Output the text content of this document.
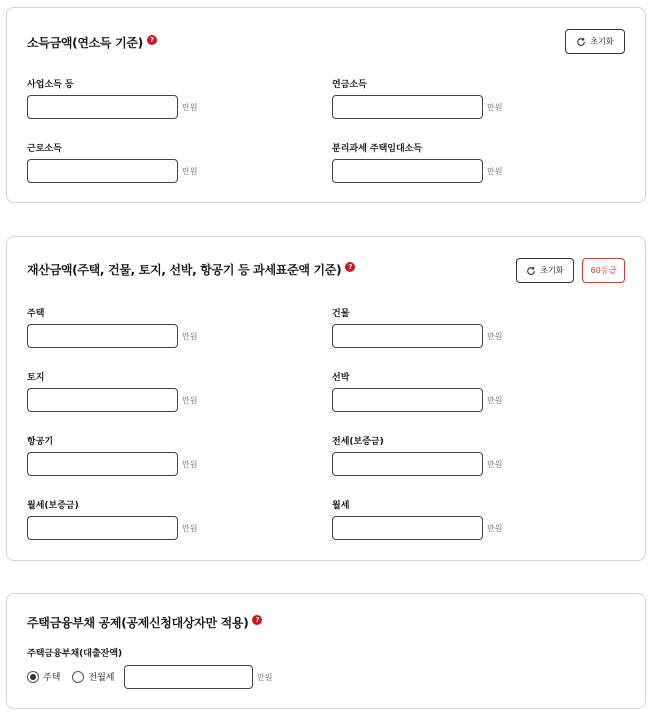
소득금액(연소득 기준)	?	초기화
사업소득 등
만원
연금소득
만원
근로소득
만원
분리과세 주택임대소득
만원
재산금액(주택, 건물, 토지, 선박, 항공기 등 과세표준액 기준)	?	초기화	60등급
주택
만원
건물
만원
토지
만원
선박
만원
항공기
만원
전세(보증금)
만원
월세(보증금)
만원
월세
만원
주택금융부채 공제(공제신청대상자만 적용)	?
주택금융부채(대출잔액)
주택	전월세	만원
